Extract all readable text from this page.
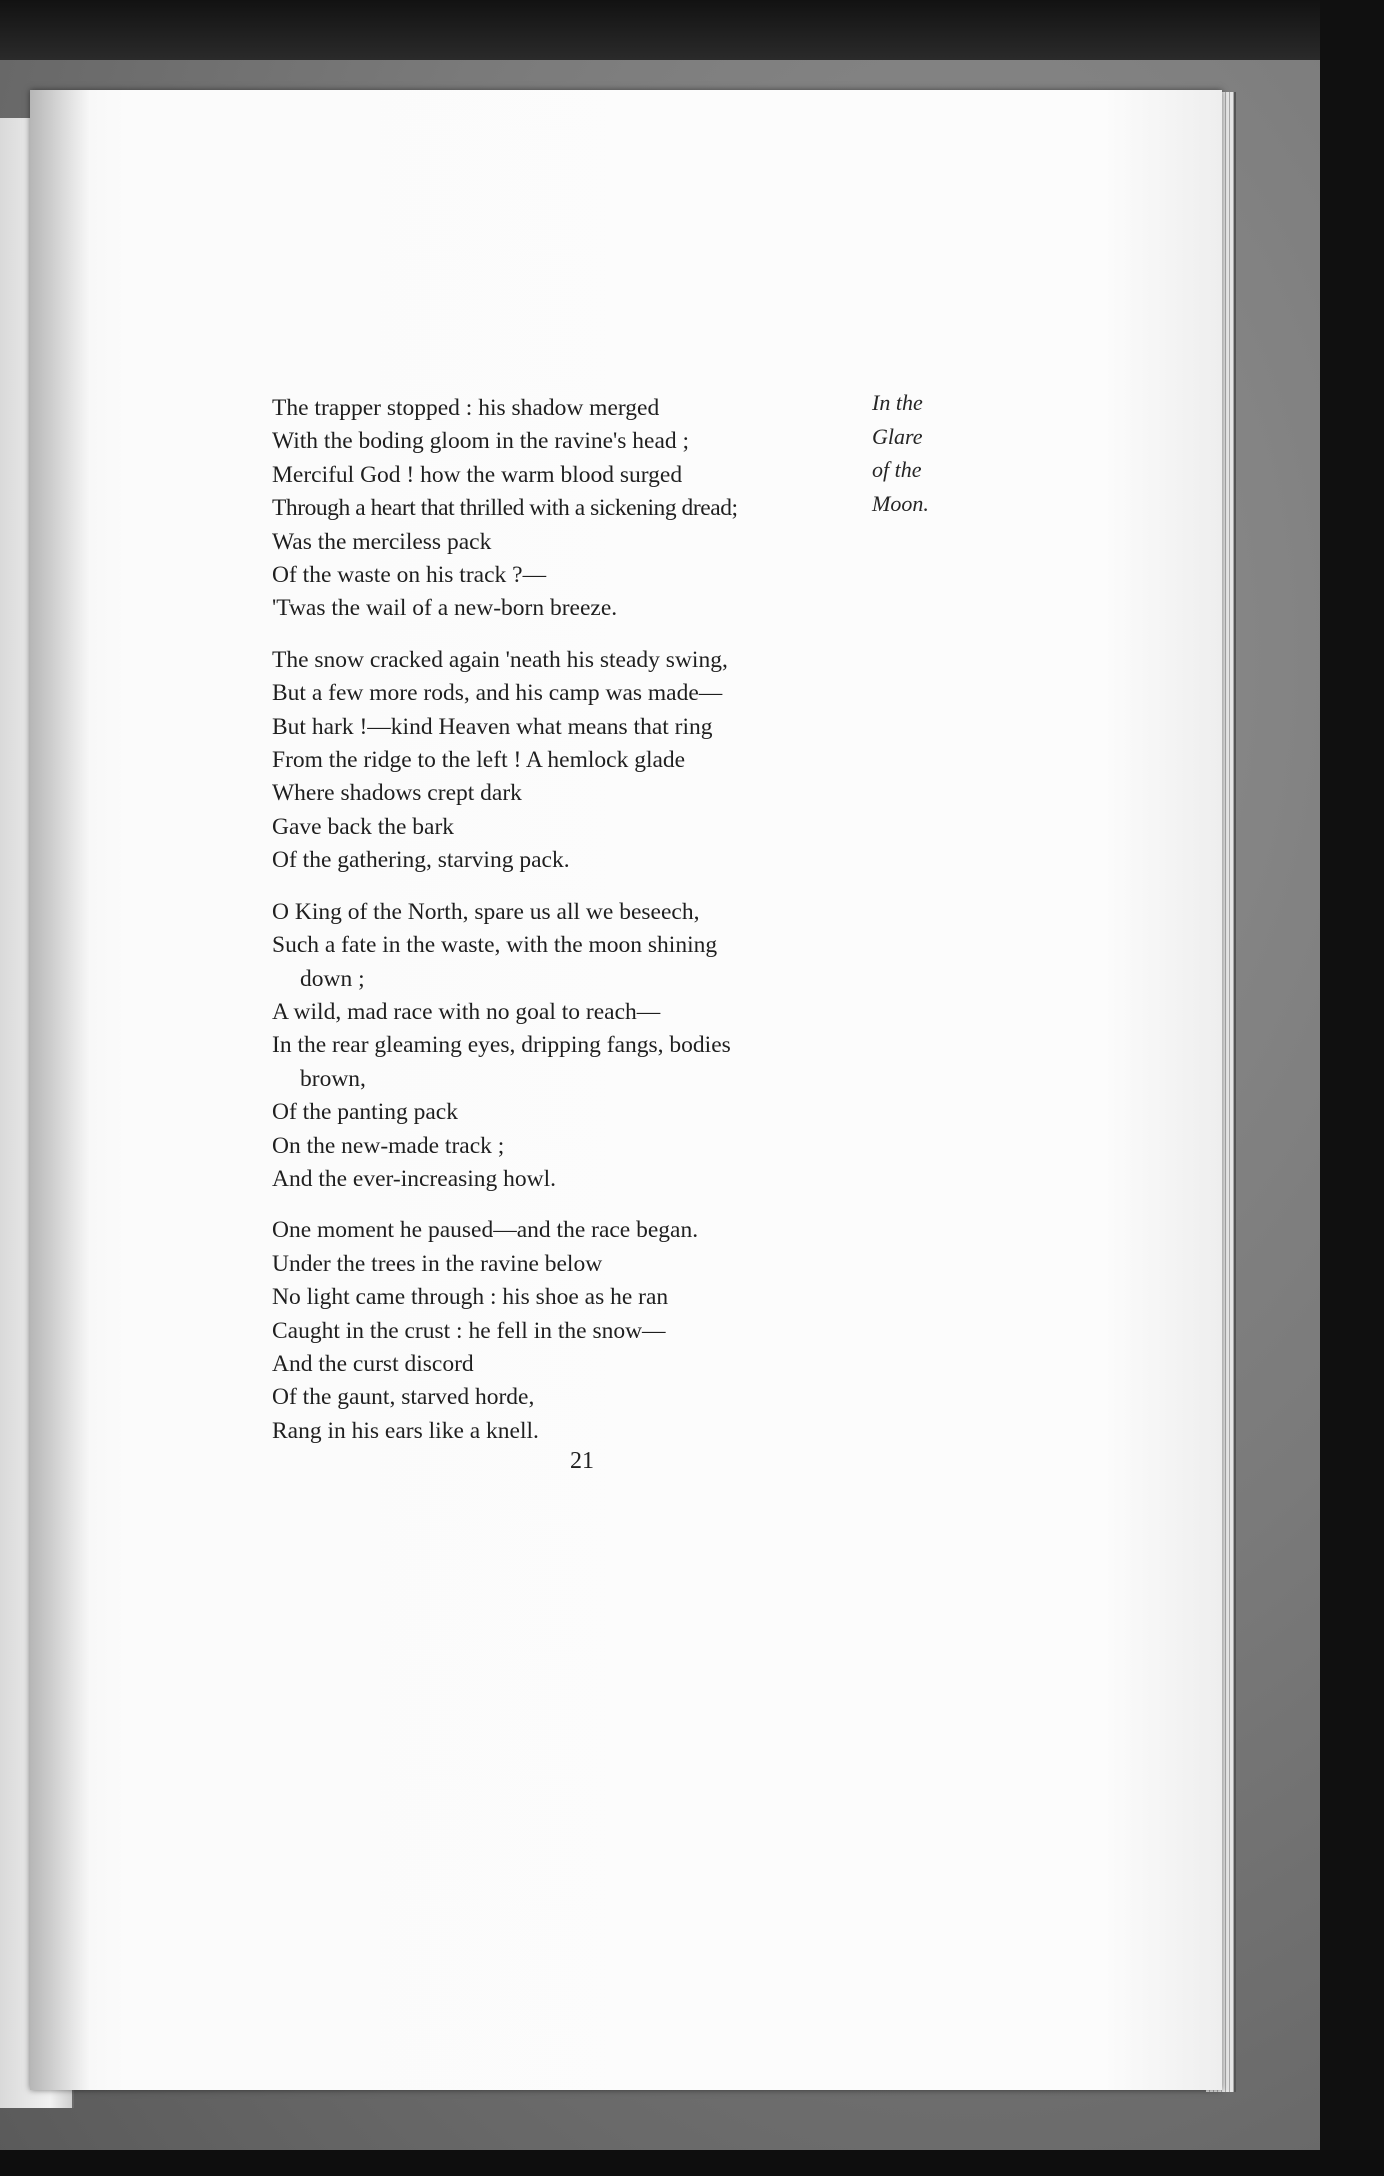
The trapper stopped : his shadow merged
With the boding gloom in the ravine's head ;
Merciful God ! how the warm blood surged
Through a heart that thrilled with a sickening dread;
Was the merciless pack
Of the waste on his track ?—
'Twas the wail of a new-born breeze.
The snow cracked again 'neath his steady swing,
But a few more rods, and his camp was made—
But hark !—kind Heaven what means that ring
From the ridge to the left ! A hemlock glade
Where shadows crept dark
Gave back the bark
Of the gathering, starving pack.
O King of the North, spare us all we beseech,
Such a fate in the waste, with the moon shining
down ;
A wild, mad race with no goal to reach—
In the rear gleaming eyes, dripping fangs, bodies
brown,
Of the panting pack
On the new-made track ;
And the ever-increasing howl.
One moment he paused—and the race began.
Under the trees in the ravine below
No light came through : his shoe as he ran
Caught in the crust : he fell in the snow—
And the curst discord
Of the gaunt, starved horde,
Rang in his ears like a knell.
In the
Glare
of the
Moon.
21
